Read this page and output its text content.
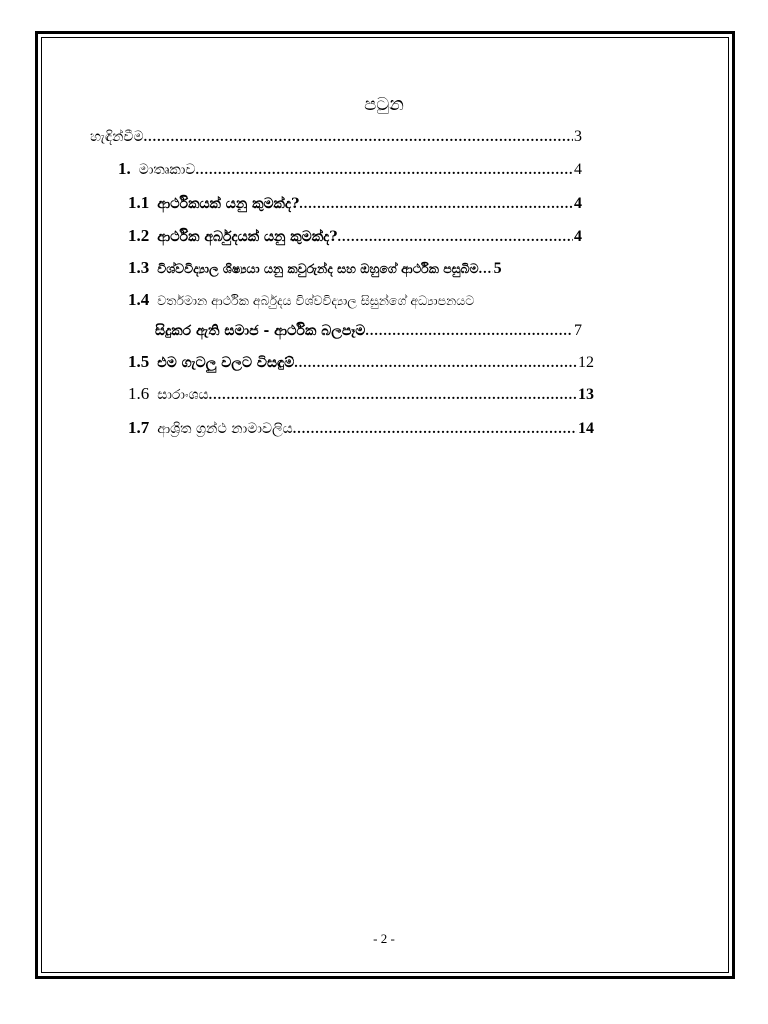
පටුන
හැඳින්වීම .....	3
1. මාතෘකාව .....	4
1.1 ආර්ථිකයක් යනු කුමක්ද? .....	4
1.2 ආර්ථික අර්බුදයක් යනු කුමක්ද? .....	4
1.3 විශ්වවිද්‍යාල ශිෂ්‍යයා යනු කවුරුන්ද සහ ඔහුගේ ආර්ථික පසුබිම ..... 5
1.4 වර්තමාන ආර්ථික අර්බුදය විශ්වවිද්‍යාල සිසුන්ගේ අධ්‍යාපනයට
සිදුකර ඇති සමාජ - ආර්ථික බලපෑම .....	7
1.5 එම ගැටලු වලට විසඳුම් .....	12
1.6 සාරාංශය .....	13
1.7 ආශ්‍රිත ග්‍රන්ථ නාමාවලිය .....	14
- 2 -
